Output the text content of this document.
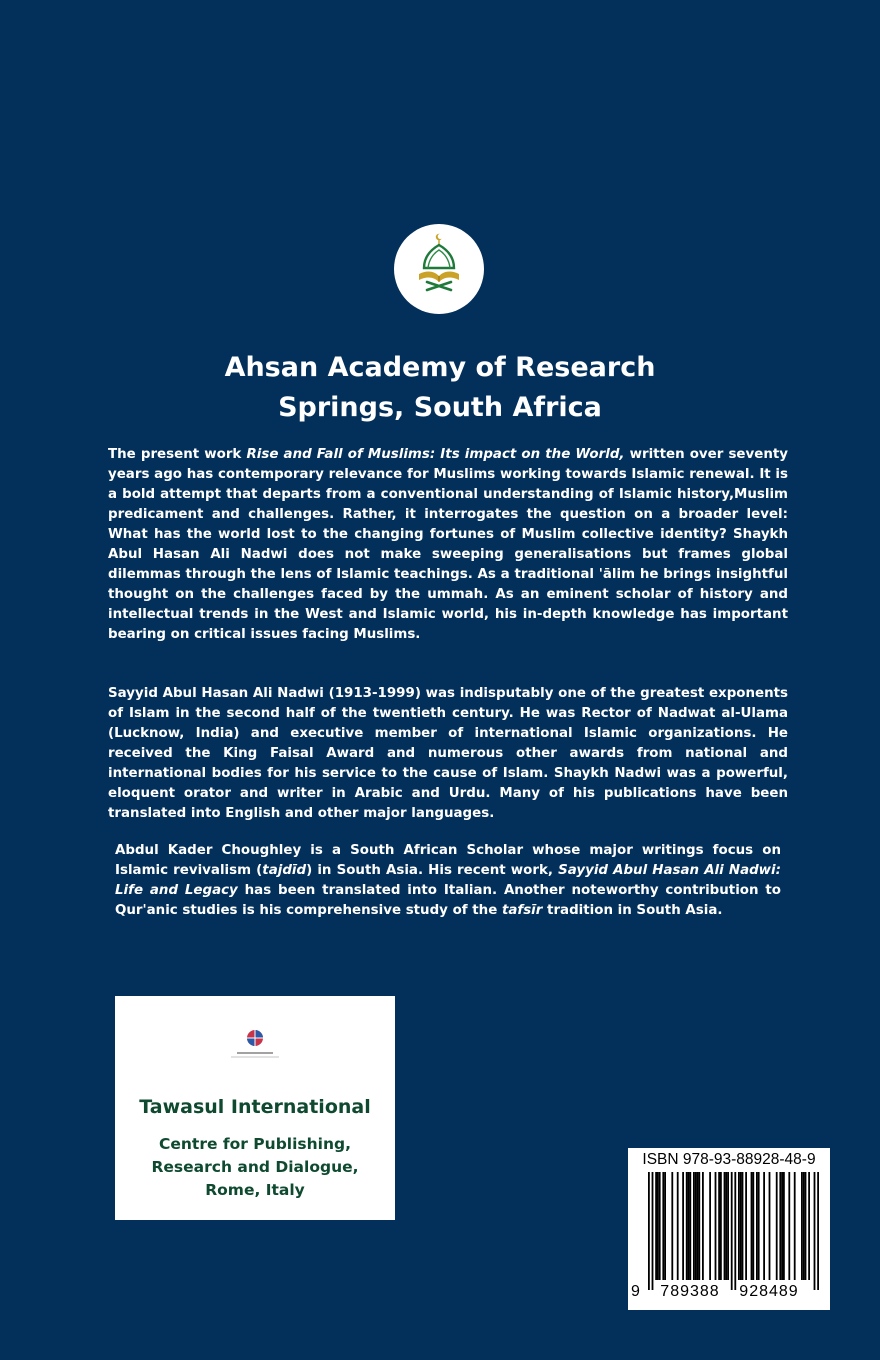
Ahsan Academy of Research
Springs, South Africa
The present work Rise and Fall of Muslims: Its impact on the World, written over seventy years ago has contemporary relevance for Muslims working towards Islamic renewal. It is a bold attempt that departs from a conventional understanding of Islamic history,Muslim predicament and challenges. Rather, it interrogates the question on a broader level: What has the world lost to the changing fortunes of Muslim collective identity? Shaykh Abul Hasan Ali Nadwi does not make sweeping generalisations but frames global dilemmas through the lens of Islamic teachings. As a traditional 'ālim he brings insightful thought on the challenges faced by the ummah. As an eminent scholar of history and intellectual trends in the West and Islamic world, his in-depth knowledge has important bearing on critical issues facing Muslims.
Sayyid Abul Hasan Ali Nadwi (1913-1999) was indisputably one of the greatest exponents of Islam in the second half of the twentieth century. He was Rector of Nadwat al-Ulama (Lucknow, India) and executive member of international Islamic organizations. He received the King Faisal Award and numerous other awards from national and international bodies for his service to the cause of Islam. Shaykh Nadwi was a powerful, eloquent orator and writer in Arabic and Urdu. Many of his publications have been translated into English and other major languages.
Abdul Kader Choughley is a South African Scholar whose major writings focus on Islamic revivalism (tajdīd) in South Asia. His recent work, Sayyid Abul Hasan Ali Nadwi: Life and Legacy has been translated into Italian. Another noteworthy contribution to Qur'anic studies is his comprehensive study of the tafsīr tradition in South Asia.
Tawasul International
Centre for Publishing,
Research and Dialogue,
Rome, Italy
ISBN 978-93-88928-48-9
9	789388	928489
